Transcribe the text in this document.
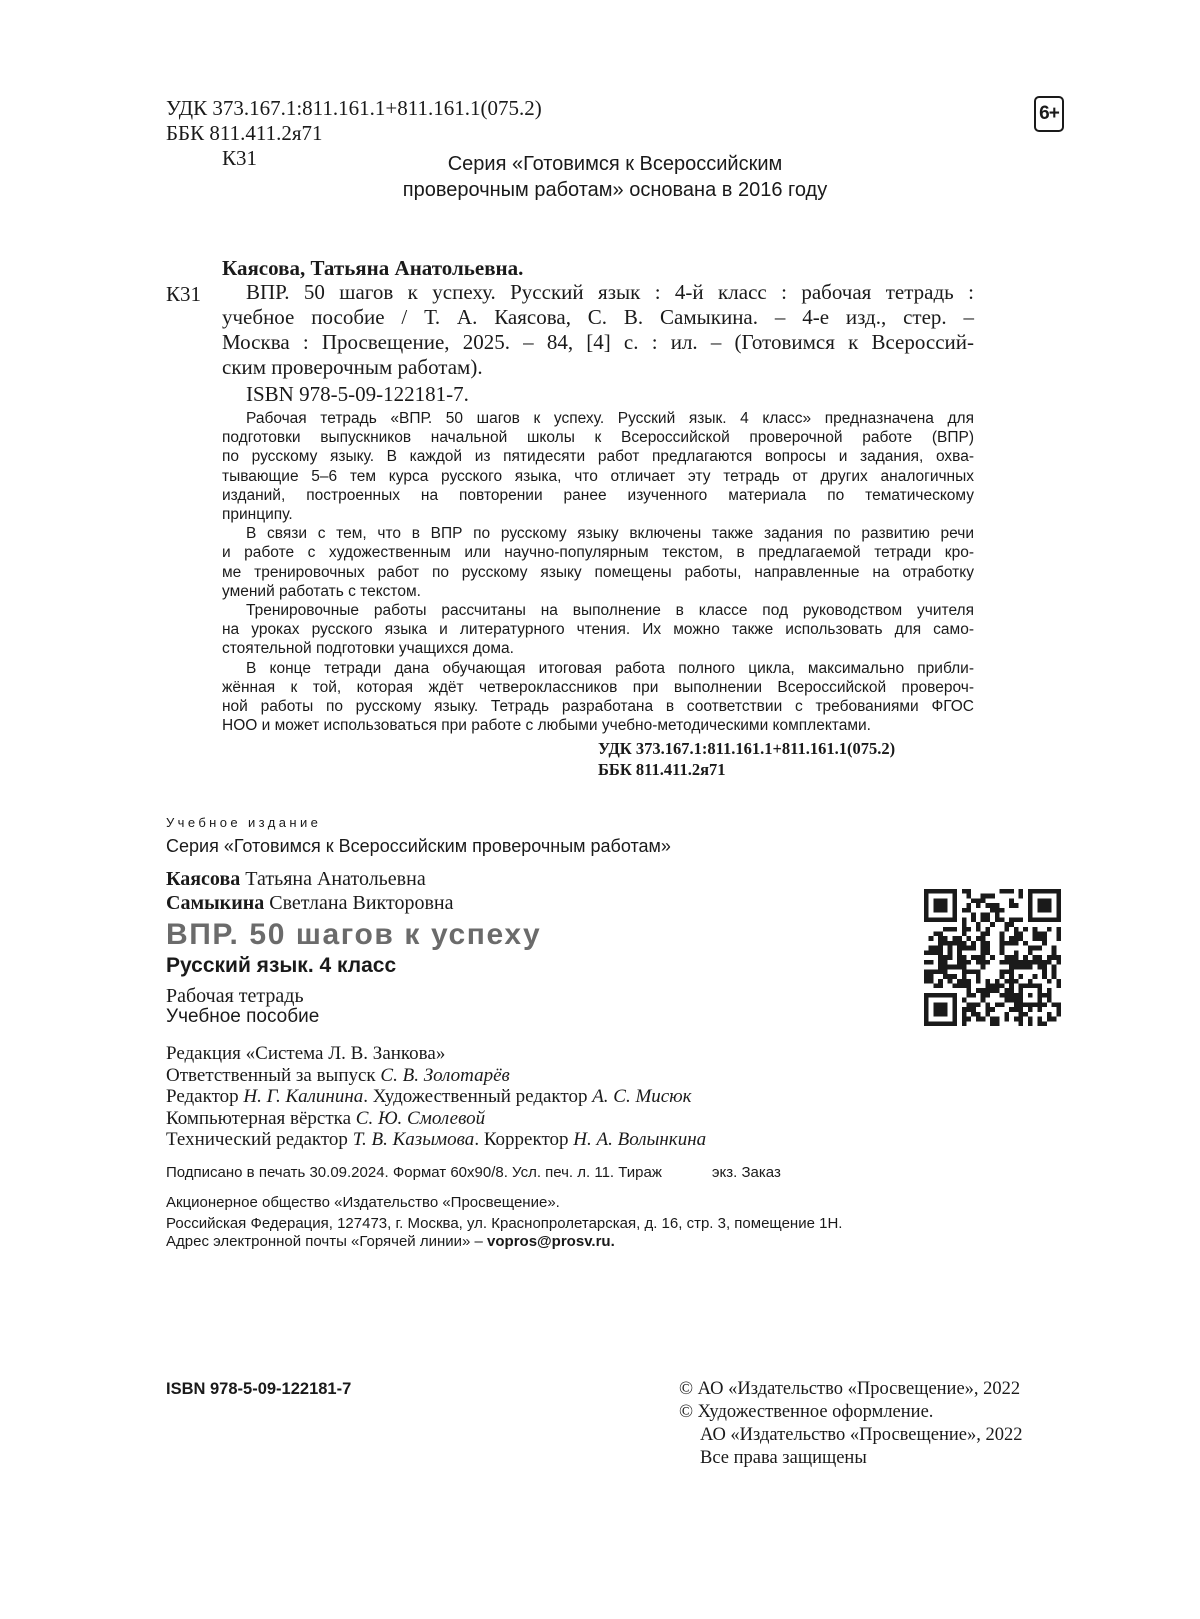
УДК 373.167.1:811.161.1+811.161.1(075.2)
ББК 811.411.2я71
К31
6+
Серия «Готовимся к Всероссийским
проверочным работам» основана в 2016 году
Каясова, Татьяна Анатольевна.
К31	ВПР. 50 шагов к успеху. Русский язык : 4-й класс : рабочая тетрадь :
учебное пособие / Т. А. Каясова, С. В. Самыкина. – 4-е изд., стер. –
Москва : Просвещение, 2025. – 84, [4] с. : ил. – (Готовимся к Всероссий-
ским проверочным работам).
ISBN 978-5-09-122181-7.

Рабочая тетрадь «ВПР. 50 шагов к успеху. Русский язык. 4 класс» предназначена для
подготовки выпускников начальной школы к Всероссийской проверочной работе (ВПР)
по русскому языку. В каждой из пятидесяти работ предлагаются вопросы и задания, охва-
тывающие 5–6 тем курса русского языка, что отличает эту тетрадь от других аналогичных
изданий, построенных на повторении ранее изученного материала по тематическому
принципу.

В связи с тем, что в ВПР по русскому языку включены также задания по развитию речи
и работе с художественным или научно-популярным текстом, в предлагаемой тетради кро-
ме тренировочных работ по русскому языку помещены работы, направленные на отработку
умений работать с текстом.

Тренировочные работы рассчитаны на выполнение в классе под руководством учителя
на уроках русского языка и литературного чтения. Их можно также использовать для само-
стоятельной подготовки учащихся дома.

В конце тетради дана обучающая итоговая работа полного цикла, максимально прибли-
жённая к той, которая ждёт четвероклассников при выполнении Всероссийской провероч-
ной работы по русскому языку. Тетрадь разработана в соответствии с требованиями ФГОС
НОО и может использоваться при работе с любыми учебно-методическими комплектами.

УДК 373.167.1:811.161.1+811.161.1(075.2)
ББК 811.411.2я71
Учебное издание
Серия «Готовимся к Всероссийским проверочным работам»
Каясова Татьяна Анатольевна
Самыкина Светлана Викторовна
ВПР. 50 шагов к успеху
Русский язык. 4 класс
Рабочая тетрадь
Учебное пособие
Редакция «Система Л. В. Занкова»
Ответственный за выпуск С. В. Золотарёв
Редактор Н. Г. Калинина. Художественный редактор А. С. Мисюк
Компьютерная вёрстка С. Ю. Смолевой
Технический редактор Т. В. Казымова. Корректор Н. А. Волынкина
Подписано в печать 30.09.2024. Формат 60х90/8. Усл. печ. л. 11. Тираж	экз. Заказ
Акционерное общество «Издательство «Просвещение».
Российская Федерация, 127473, г. Москва, ул. Краснопролетарская, д. 16, стр. 3, помещение 1Н.
Адрес электронной почты «Горячей линии» – vopros@prosv.ru.
ISBN 978-5-09-122181-7	© АО «Издательство «Просвещение», 2022
© Художественное оформление.
АО «Издательство «Просвещение», 2022
Все права защищены
